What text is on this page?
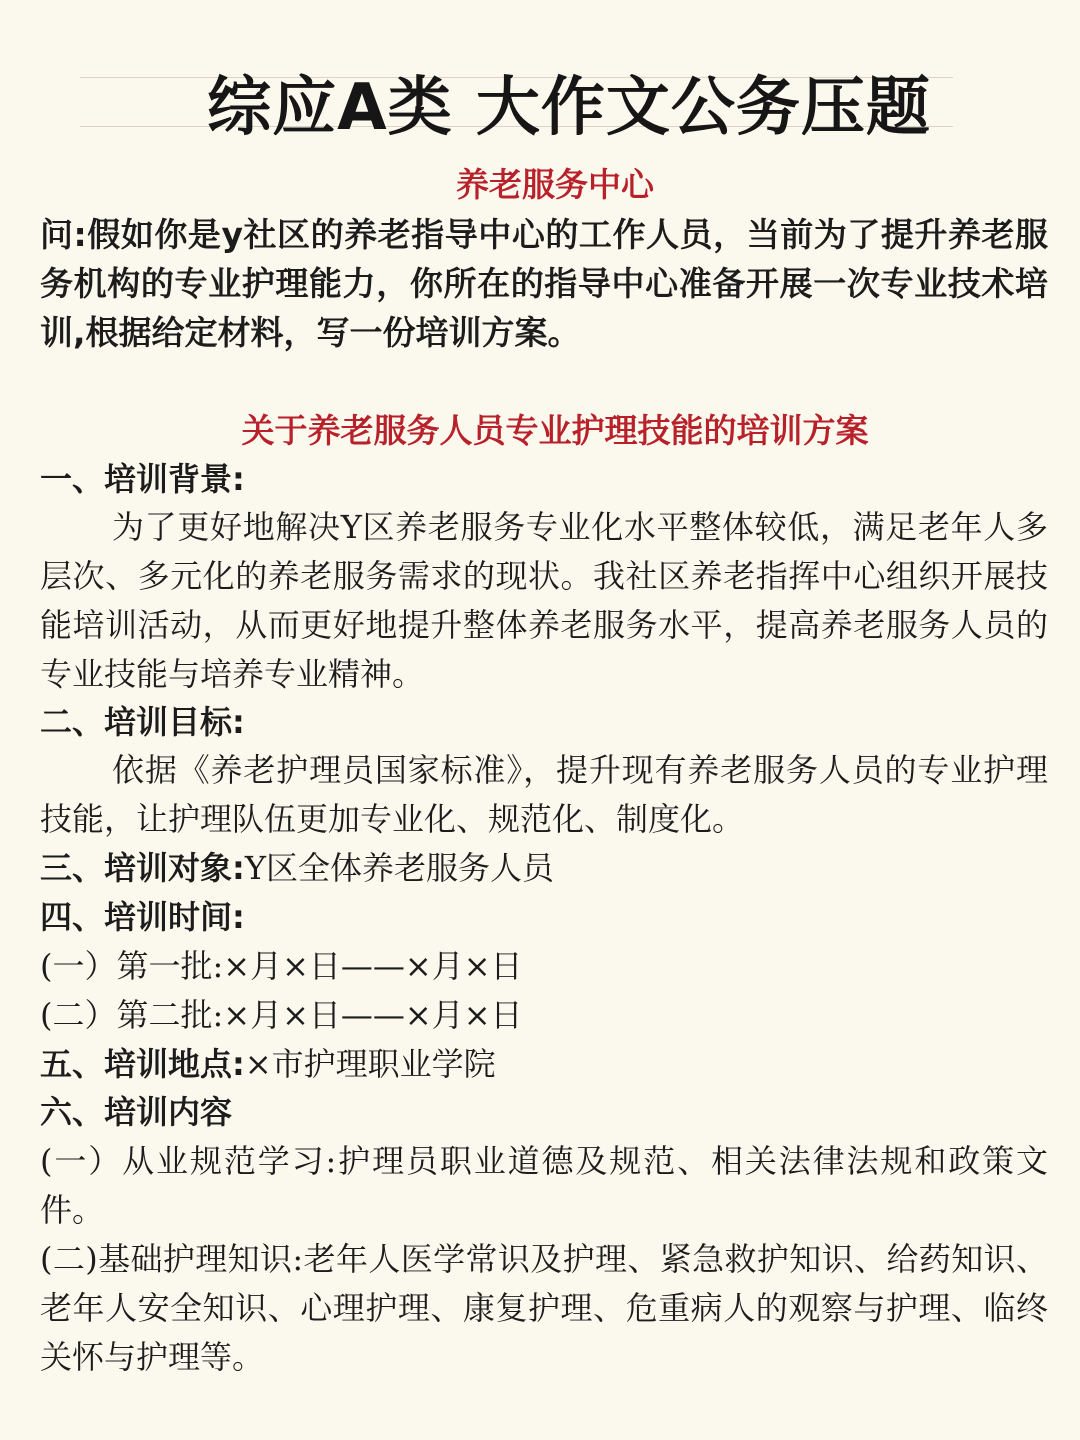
综应A类 大作文公务压题
养老服务中心
问:假如你是y社区的养老指导中心的工作人员，当前为了提升养老服务机构的专业护理能力，你所在的指导中心准备开展一次专业技术培训,根据给定材料，写一份培训方案。
关于养老服务人员专业护理技能的培训方案
一、培训背景:
为了更好地解决Y区养老服务专业化水平整体较低，满足老年人多层次、多元化的养老服务需求的现状。我社区养老指挥中心组织开展技能培训活动，从而更好地提升整体养老服务水平，提高养老服务人员的专业技能与培养专业精神。
二、培训目标:
依据《养老护理员国家标准》，提升现有养老服务人员的专业护理技能，让护理队伍更加专业化、规范化、制度化。
三、培训对象:Y区全体养老服务人员
四、培训时间:
(一）第一批:×月×日——×月×日
(二）第二批:×月×日——×月×日
五、培训地点:×市护理职业学院
六、培训内容
(一）从业规范学习:护理员职业道德及规范、相关法律法规和政策文件。
(二)基础护理知识:老年人医学常识及护理、紧急救护知识、给药知识、老年人安全知识、心理护理、康复护理、危重病人的观察与护理、临终关怀与护理等。
